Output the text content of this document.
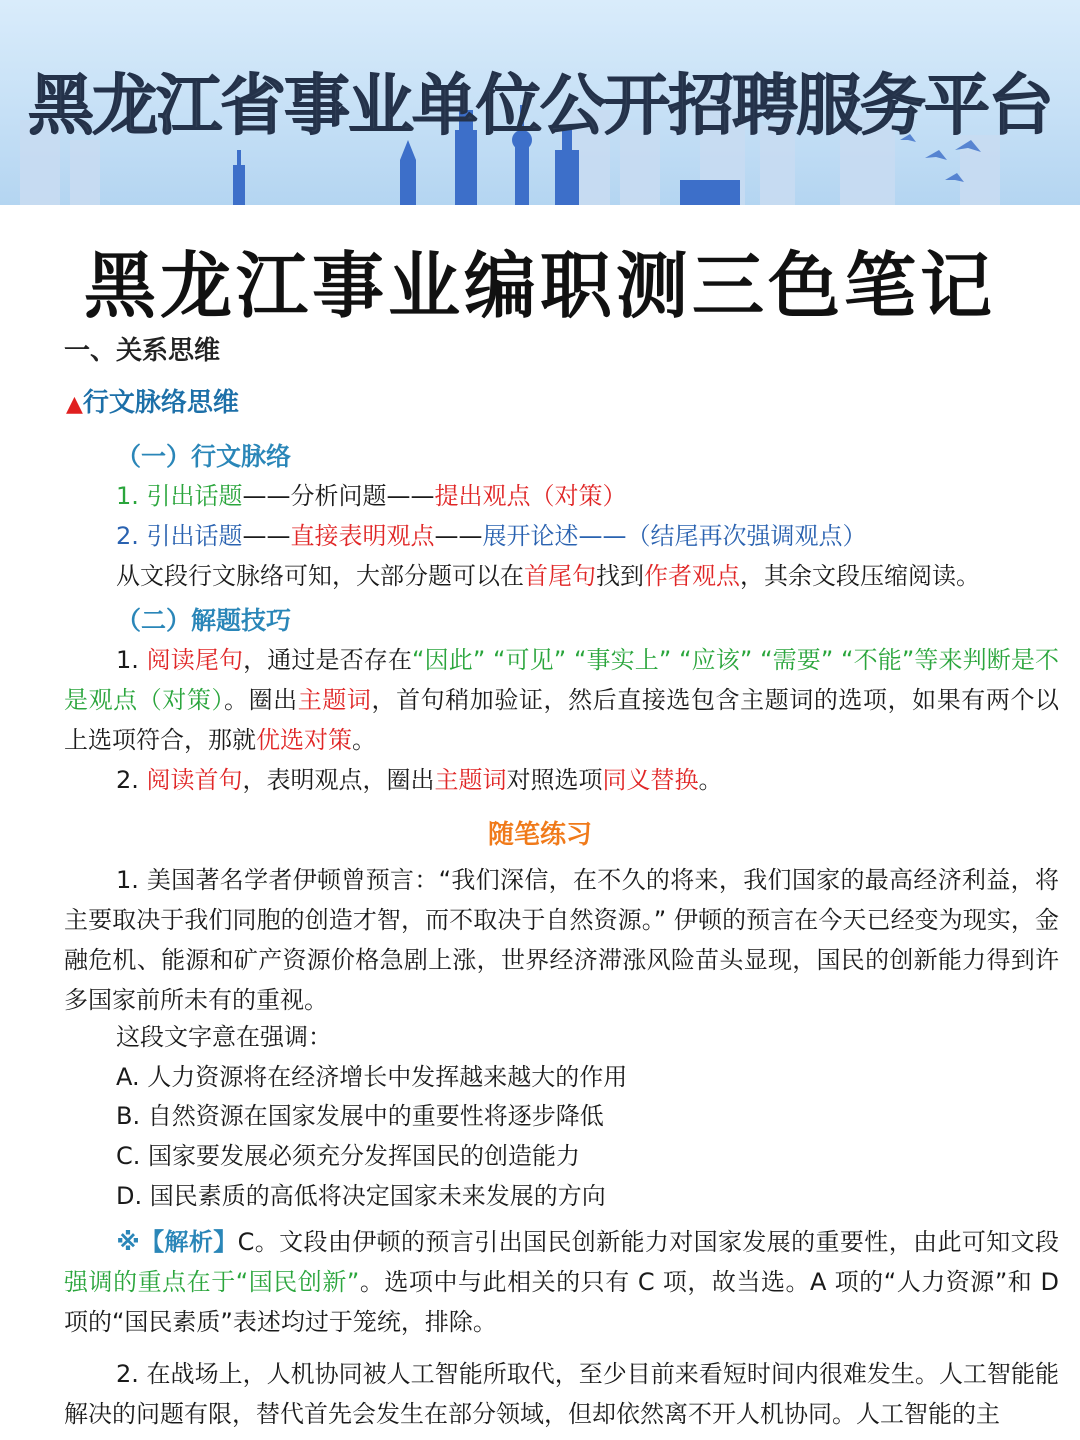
黑龙江省事业单位公开招聘服务平台
黑龙江事业编职测三色笔记
一、关系思维
▲行文脉络思维
（一）行文脉络
1. 引出话题——分析问题——提出观点（对策）
2. 引出话题——直接表明观点——展开论述——（结尾再次强调观点）
从文段行文脉络可知，大部分题可以在首尾句找到作者观点，其余文段压缩阅读。
（二）解题技巧
1. 阅读尾句，通过是否存在“因此” “可见” “事实上” “应该” “需要” “不能”等来判断是不是观点（对策）。圈出主题词，首句稍加验证，然后直接选包含主题词的选项，如果有两个以上选项符合，那就优选对策。
2. 阅读首句，表明观点，圈出主题词对照选项同义替换。
随笔练习
1. 美国著名学者伊顿曾预言：“我们深信，在不久的将来，我们国家的最高经济利益，将主要取决于我们同胞的创造才智，而不取决于自然资源。” 伊顿的预言在今天已经变为现实，金融危机、能源和矿产资源价格急剧上涨，世界经济滞涨风险苗头显现，国民的创新能力得到许多国家前所未有的重视。
这段文字意在强调：
A. 人力资源将在经济增长中发挥越来越大的作用
B. 自然资源在国家发展中的重要性将逐步降低
C. 国家要发展必须充分发挥国民的创造能力
D. 国民素质的高低将决定国家未来发展的方向
※【解析】C。文段由伊顿的预言引出国民创新能力对国家发展的重要性，由此可知文段强调的重点在于“国民创新”。选项中与此相关的只有 C 项，故当选。A 项的“人力资源”和 D 项的“国民素质”表述均过于笼统，排除。
2. 在战场上，人机协同被人工智能所取代，至少目前来看短时间内很难发生。人工智能能解决的问题有限，替代首先会发生在部分领域，但却依然离不开人机协同。人工智能的主
